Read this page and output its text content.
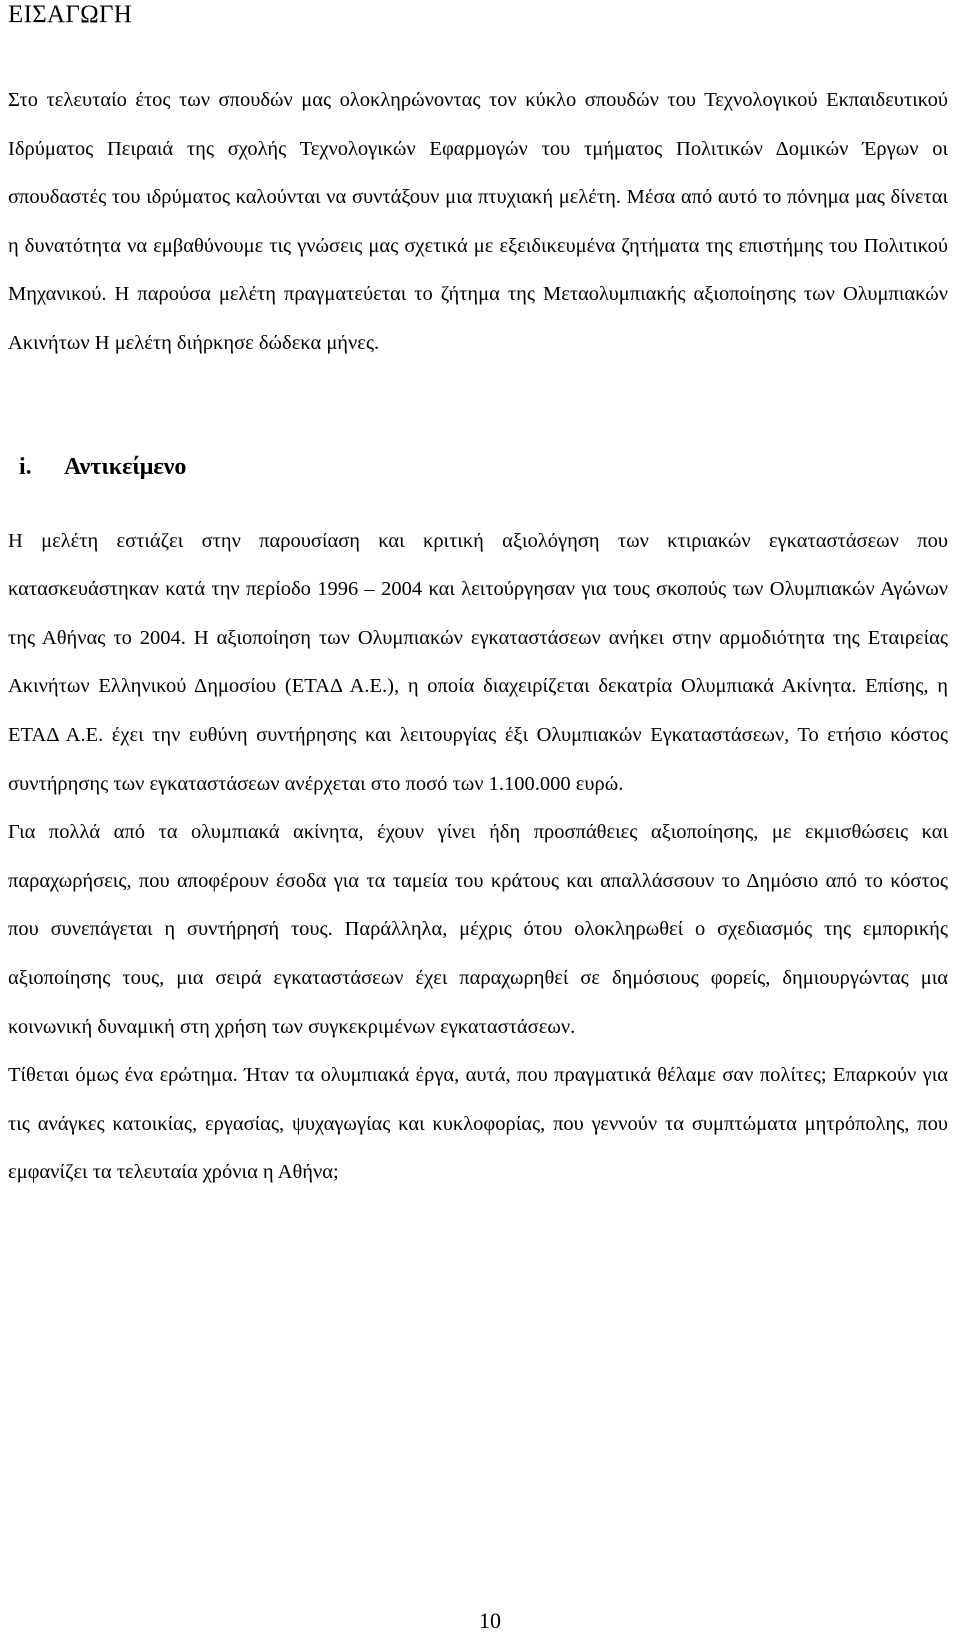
ΕΙΣΑΓΩΓΗ

Στο τελευταίο έτος των σπουδών μας ολοκληρώνοντας τον κύκλο σπουδών του Τεχνολογικού Εκπαιδευτικού Ιδρύματος Πειραιά της σχολής Τεχνολογικών Εφαρμογών του τμήματος Πολιτικών Δομικών Έργων οι σπουδαστές του ιδρύματος καλούνται να συντάξουν μια πτυχιακή μελέτη. Μέσα από αυτό το πόνημα μας δίνεται η δυνατότητα να εμβαθύνουμε τις γνώσεις μας σχετικά με εξειδικευμένα ζητήματα της επιστήμης του Πολιτικού Μηχανικού. Η παρούσα μελέτη πραγματεύεται το ζήτημα της Μεταολυμπιακής αξιοποίησης των Ολυμπιακών Ακινήτων Η μελέτη διήρκησε δώδεκα μήνες.

i. Αντικείμενο

Η μελέτη εστιάζει στην παρουσίαση και κριτική αξιολόγηση των κτιριακών εγκαταστάσεων που κατασκευάστηκαν κατά την περίοδο 1996 – 2004 και λειτούργησαν για τους σκοπούς των Ολυμπιακών Αγώνων της Αθήνας το 2004. Η αξιοποίηση των Ολυμπιακών εγκαταστάσεων ανήκει στην αρμοδιότητα της Εταιρείας Ακινήτων Ελληνικού Δημοσίου (ΕΤΑΔ Α.Ε.), η οποία διαχειρίζεται δεκατρία Ολυμπιακά Ακίνητα. Επίσης, η ΕΤΑΔ Α.Ε. έχει την ευθύνη συντήρησης και λειτουργίας έξι Ολυμπιακών Εγκαταστάσεων, Το ετήσιο κόστος συντήρησης των εγκαταστάσεων ανέρχεται στο ποσό των 1.100.000 ευρώ.

Για πολλά από τα ολυμπιακά ακίνητα, έχουν γίνει ήδη προσπάθειες αξιοποίησης, με εκμισθώσεις και παραχωρήσεις, που αποφέρουν έσοδα για τα ταμεία του κράτους και απαλλάσσουν το Δημόσιο από το κόστος που συνεπάγεται η συντήρησή τους. Παράλληλα, μέχρις ότου ολοκληρωθεί ο σχεδιασμός της εμπορικής αξιοποίησης τους, μια σειρά εγκαταστάσεων έχει παραχωρηθεί σε δημόσιους φορείς, δημιουργώντας μια κοινωνική δυναμική στη χρήση των συγκεκριμένων εγκαταστάσεων.

Τίθεται όμως ένα ερώτημα. Ήταν τα ολυμπιακά έργα, αυτά, που πραγματικά θέλαμε σαν πολίτες; Επαρκούν για τις ανάγκες κατοικίας, εργασίας, ψυχαγωγίας και κυκλοφορίας, που γεννούν τα συμπτώματα μητρόπολης, που εμφανίζει τα τελευταία χρόνια η Αθήνα;

10
